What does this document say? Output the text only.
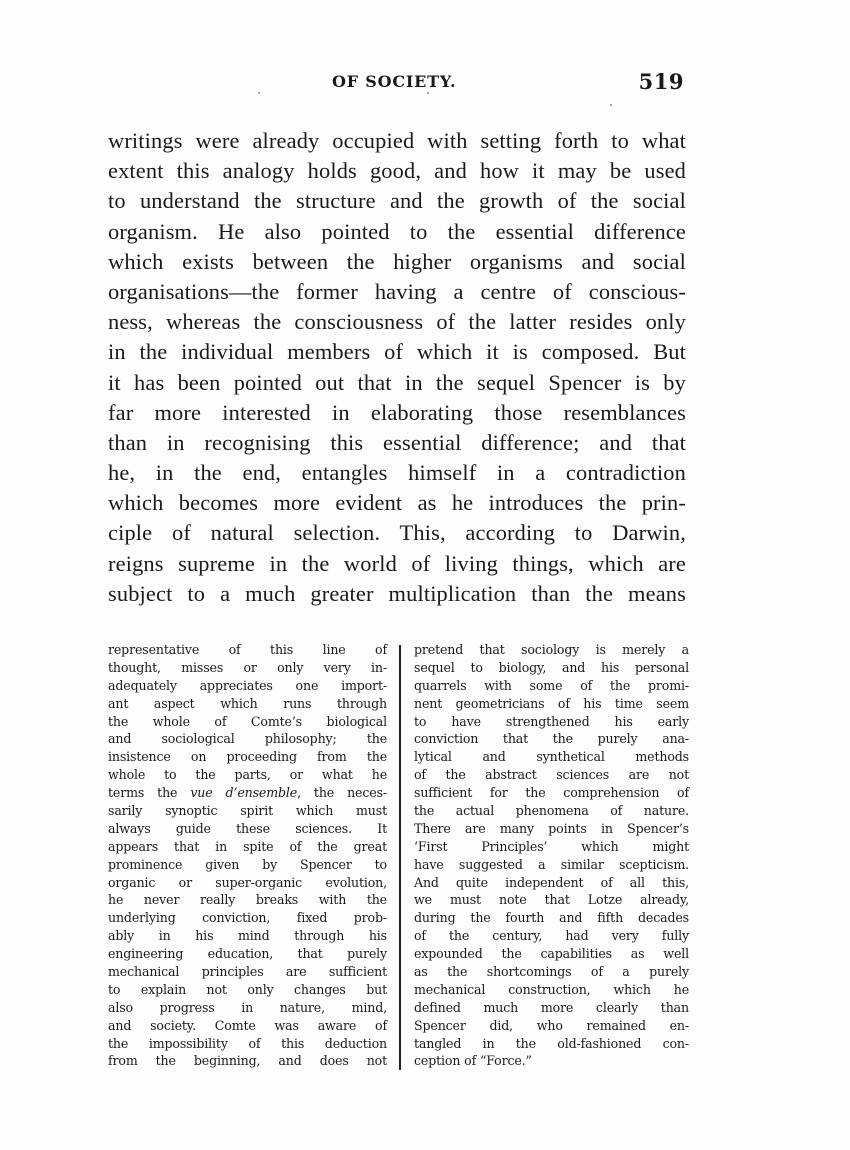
OF SOCIETY.	519
writings were already occupied with setting forth to what
extent this analogy holds good, and how it may be used
to understand the structure and the growth of the social
organism. He also pointed to the essential difference
which exists between the higher organisms and social
organisations—the former having a centre of conscious-
ness, whereas the consciousness of the latter resides only
in the individual members of which it is composed. But
it has been pointed out that in the sequel Spencer is by
far more interested in elaborating those resemblances
than in recognising this essential difference; and that
he, in the end, entangles himself in a contradiction
which becomes more evident as he introduces the prin-
ciple of natural selection. This, according to Darwin,
reigns supreme in the world of living things, which are
subject to a much greater multiplication than the means
representative of this line of
thought, misses or only very in-
adequately appreciates one import-
ant aspect which runs through
the whole of Comte’s biological
and sociological philosophy; the
insistence on proceeding from the
whole to the parts, or what he
terms the vue d’ensemble, the neces-
sarily synoptic spirit which must
always guide these sciences. It
appears that in spite of the great
prominence given by Spencer to
organic or super-organic evolution,
he never really breaks with the
underlying conviction, fixed prob-
ably in his mind through his
engineering education, that purely
mechanical principles are sufficient
to explain not only changes but
also progress in nature, mind,
and society. Comte was aware of
the impossibility of this deduction
from the beginning, and does not
pretend that sociology is merely a
sequel to biology, and his personal
quarrels with some of the promi-
nent geometricians of his time seem
to have strengthened his early
conviction that the purely ana-
lytical and synthetical methods
of the abstract sciences are not
sufficient for the comprehension of
the actual phenomena of nature.
There are many points in Spencer’s
‘First Principles’ which might
have suggested a similar scepticism.
And quite independent of all this,
we must note that Lotze already,
during the fourth and fifth decades
of the century, had very fully
expounded the capabilities as well
as the shortcomings of a purely
mechanical construction, which he
defined much more clearly than
Spencer did, who remained en-
tangled in the old-fashioned con-
ception of “Force.”
